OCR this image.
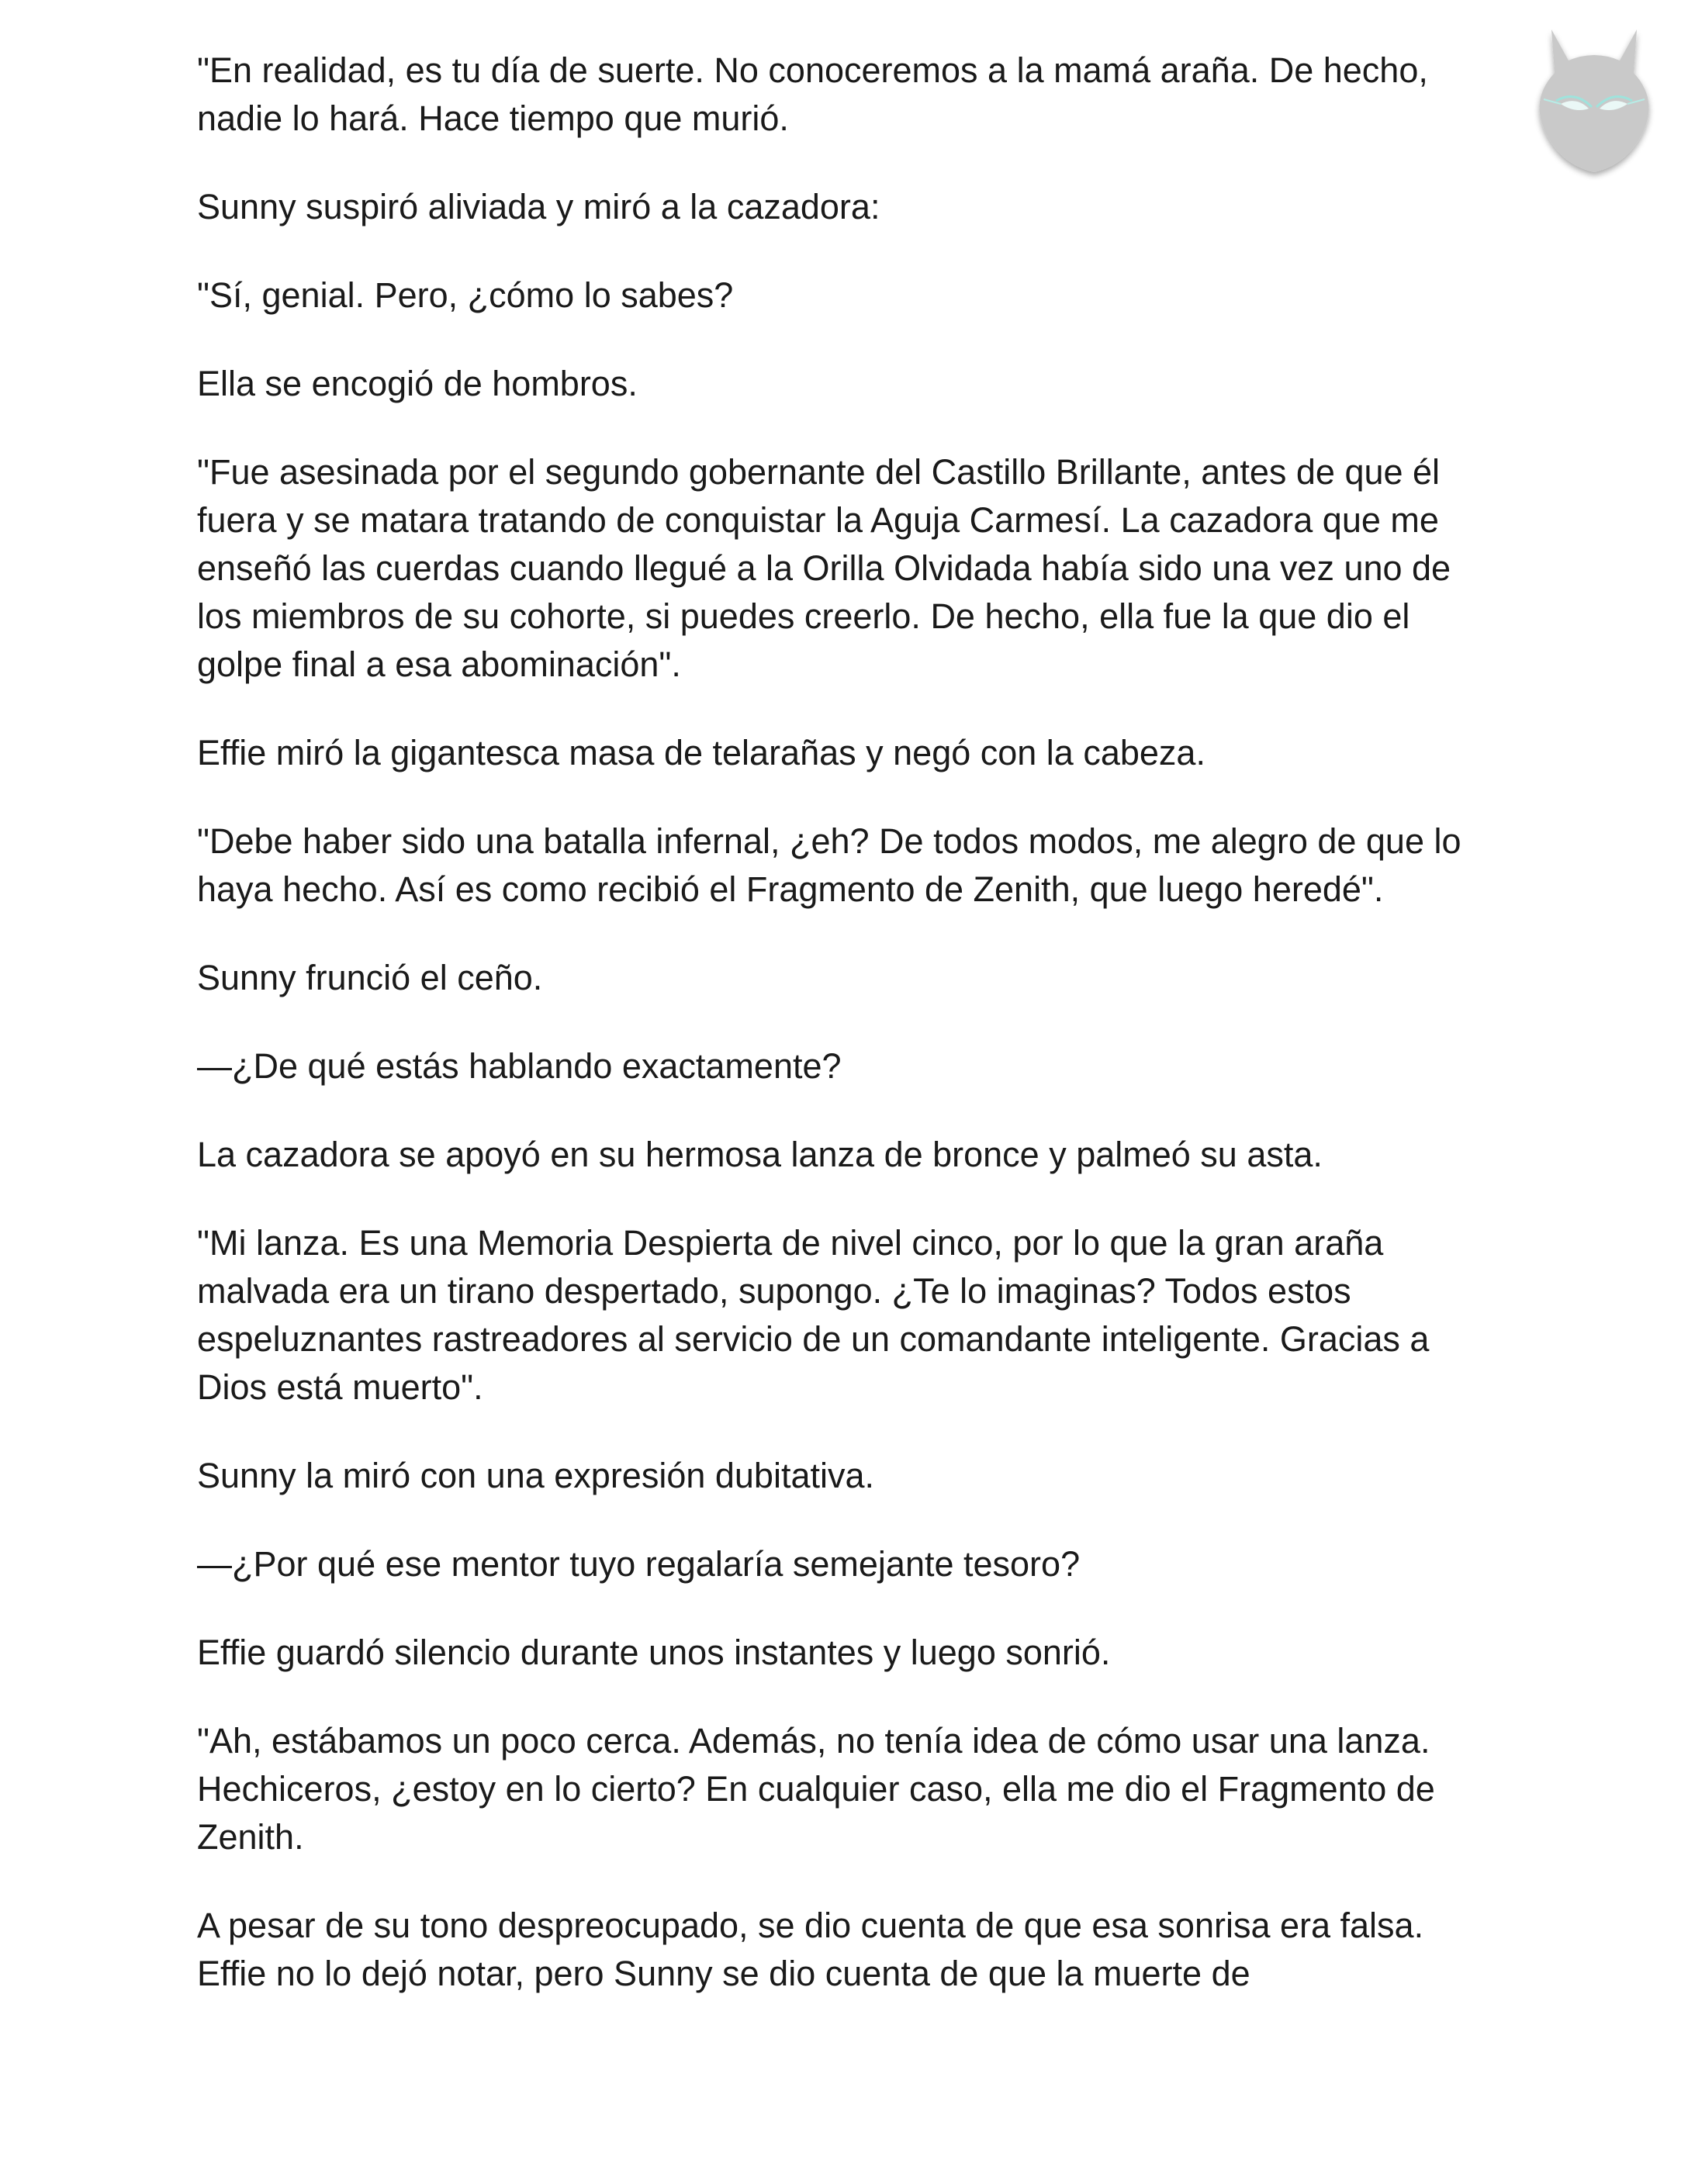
"En realidad, es tu día de suerte. No conoceremos a la mamá araña. De hecho, nadie lo hará. Hace tiempo que murió.

Sunny suspiró aliviada y miró a la cazadora:

"Sí, genial. Pero, ¿cómo lo sabes?

Ella se encogió de hombros.

"Fue asesinada por el segundo gobernante del Castillo Brillante, antes de que él fuera y se matara tratando de conquistar la Aguja Carmesí. La cazadora que me enseñó las cuerdas cuando llegué a la Orilla Olvidada había sido una vez uno de los miembros de su cohorte, si puedes creerlo. De hecho, ella fue la que dio el golpe final a esa abominación".

Effie miró la gigantesca masa de telarañas y negó con la cabeza.

"Debe haber sido una batalla infernal, ¿eh? De todos modos, me alegro de que lo haya hecho. Así es como recibió el Fragmento de Zenith, que luego heredé".

Sunny frunció el ceño.

—¿De qué estás hablando exactamente?

La cazadora se apoyó en su hermosa lanza de bronce y palmeó su asta.

"Mi lanza. Es una Memoria Despierta de nivel cinco, por lo que la gran araña malvada era un tirano despertado, supongo. ¿Te lo imaginas? Todos estos espeluznantes rastreadores al servicio de un comandante inteligente. Gracias a Dios está muerto".

Sunny la miró con una expresión dubitativa.

—¿Por qué ese mentor tuyo regalaría semejante tesoro?

Effie guardó silencio durante unos instantes y luego sonrió.

"Ah, estábamos un poco cerca. Además, no tenía idea de cómo usar una lanza. Hechiceros, ¿estoy en lo cierto? En cualquier caso, ella me dio el Fragmento de Zenith.

A pesar de su tono despreocupado, se dio cuenta de que esa sonrisa era falsa. Effie no lo dejó notar, pero Sunny se dio cuenta de que la muerte de
